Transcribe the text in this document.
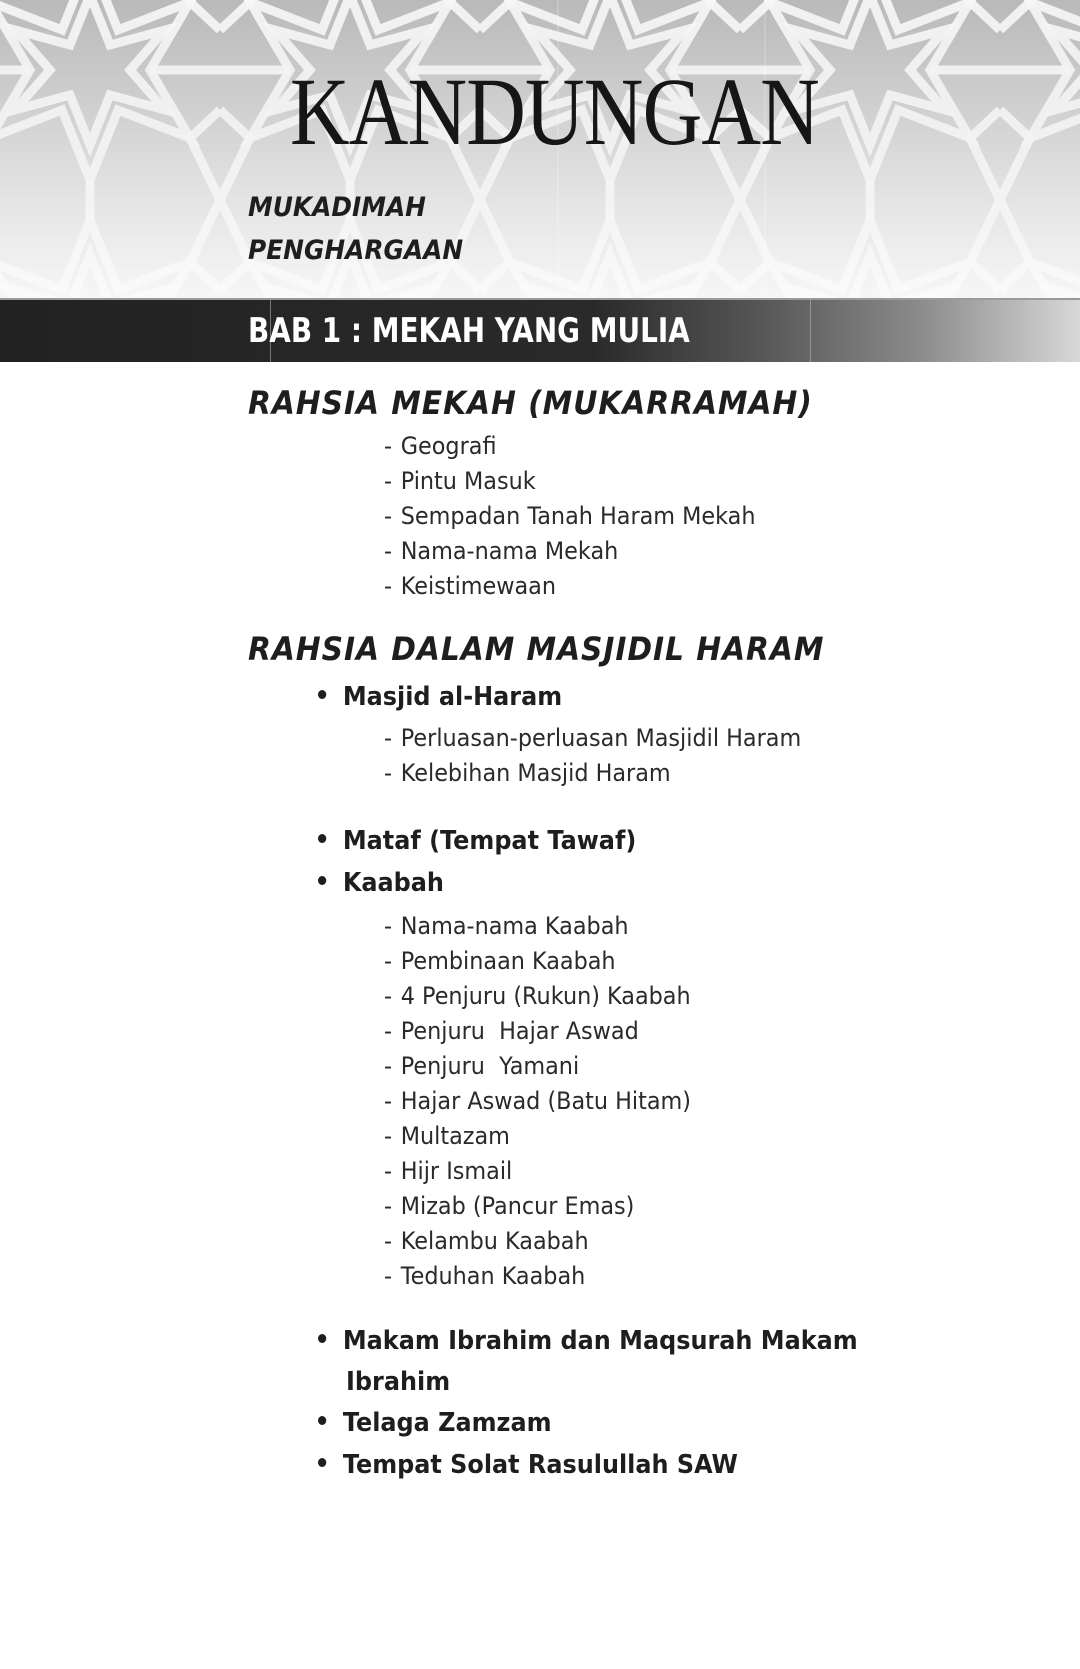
KANDUNGAN
MUKADIMAH
PENGHARGAAN
BAB 1 : MEKAH YANG MULIA
RAHSIA MEKAH (MUKARRAMAH)
- Geografi
- Pintu Masuk
- Sempadan Tanah Haram Mekah
- Nama-nama Mekah
- Keistimewaan
RAHSIA DALAM MASJIDIL HARAM
Masjid al-Haram
- Perluasan-perluasan Masjidil Haram
- Kelebihan Masjid Haram
Mataf (Tempat Tawaf)
Kaabah
- Nama-nama Kaabah
- Pembinaan Kaabah
- 4 Penjuru (Rukun) Kaabah
- Penjuru  Hajar Aswad
- Penjuru  Yamani
- Hajar Aswad (Batu Hitam)
- Multazam
- Hijr Ismail
- Mizab (Pancur Emas)
- Kelambu Kaabah
- Teduhan Kaabah
Makam Ibrahim dan Maqsurah Makam
Ibrahim
Telaga Zamzam
Tempat Solat Rasulullah SAW
